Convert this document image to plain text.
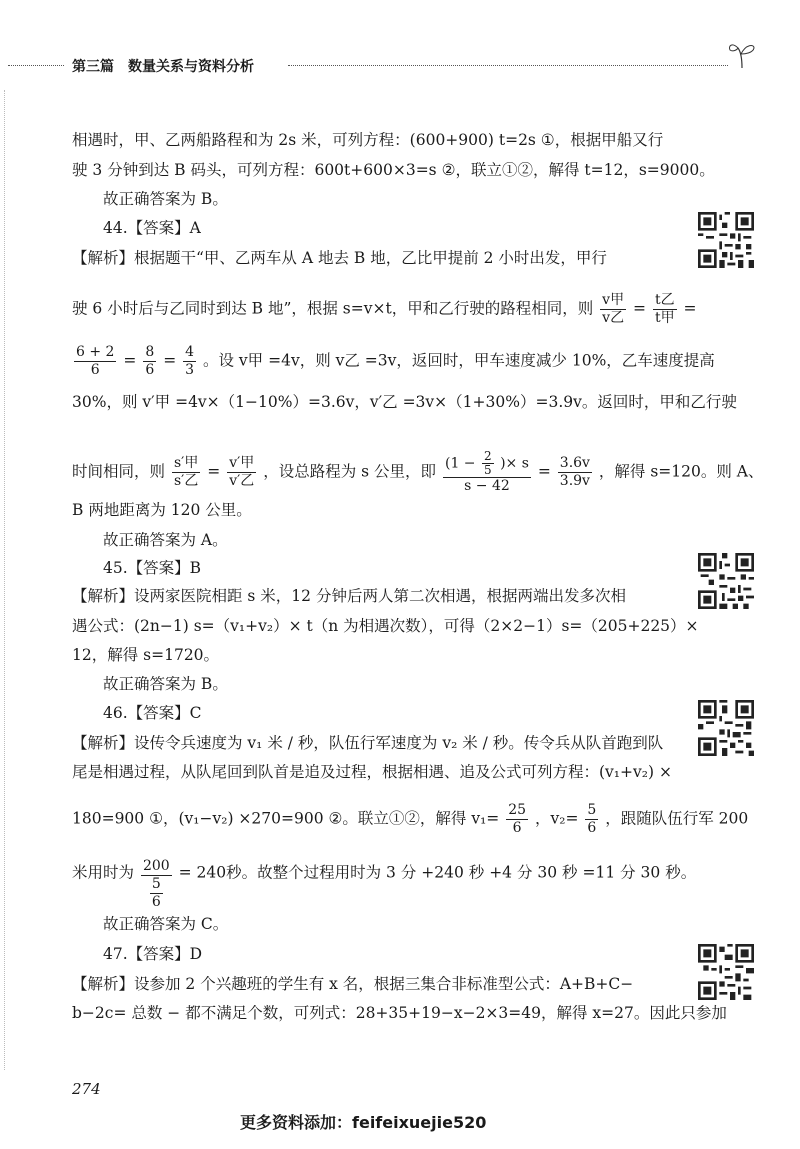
第三篇　数量关系与资料分析
相遇时，甲、乙两船路程和为 2s 米，可列方程：(600+900) t=2s ①，根据甲船又行
驶 3 分钟到达 B 码头，可列方程：600t+600×3=s ②，联立①②，解得 t=12，s=9000。
故正确答案为 B。
44.【答案】A
【解析】根据题干“甲、乙两车从 A 地去 B 地，乙比甲提前 2 小时出发，甲行
驶 6 小时后与乙同时到达 B 地”，根据 s=v×t，甲和乙行驶的路程相同，则 $\frac{\text{v甲}}{\text{v乙}} = \frac{\text{t乙}}{\text{t甲}}$ =
$\frac{6 + 2}{6} = \frac{8}{6} = \frac{4}{3}$ 。设 v甲 =4v，则 v乙 =3v，返回时，甲车速度减少 10%，乙车速度提高
30%，则 v′甲 =4v×（1−10%）=3.6v，v′乙 =3v×（1+30%）=3.9v。返回时，甲和乙行驶
时间相同，则 $\frac{\text{s′甲}}{\text{s′乙}} = \frac{\text{v′甲}}{\text{v′乙}}$ ，设总路程为 s 公里，即 $\frac{(1 - \frac{2}{5} )\times s}{s - 42} = \frac{3.6v}{3.9v}$ ，解得 s=120。则 A、
B 两地距离为 120 公里。
故正确答案为 A。
45.【答案】B
【解析】设两家医院相距 s 米，12 分钟后两人第二次相遇，根据两端出发多次相
遇公式：(2n−1) s=（v₁+v₂）× t（n 为相遇次数），可得（2×2−1）s=（205+225）×
12，解得 s=1720。
故正确答案为 B。
46.【答案】C
【解析】设传令兵速度为 v₁ 米 / 秒，队伍行军速度为 v₂ 米 / 秒。传令兵从队首跑到队
尾是相遇过程，从队尾回到队首是追及过程，根据相遇、追及公式可列方程：(v₁+v₂) ×
180=900 ①，(v₁−v₂) ×270=900 ②。联立①②，解得 $v_1= \frac{25}{6}$ ，$v_2= \frac{5}{6}$ ，跟随队伍行军 200
米用时为 $\frac{200}{\frac{5}{6}} = 240$秒。故整个过程用时为 3 分 +240 秒 +4 分 30 秒 =11 分 30 秒。
故正确答案为 C。
47.【答案】D
【解析】设参加 2 个兴趣班的学生有 x 名，根据三集合非标准型公式：A+B+C−
b−2c= 总数 − 都不满足个数，可列式：28+35+19−x−2×3=49，解得 x=27。因此只参加
274
更多资料添加：feifeixuejie520
